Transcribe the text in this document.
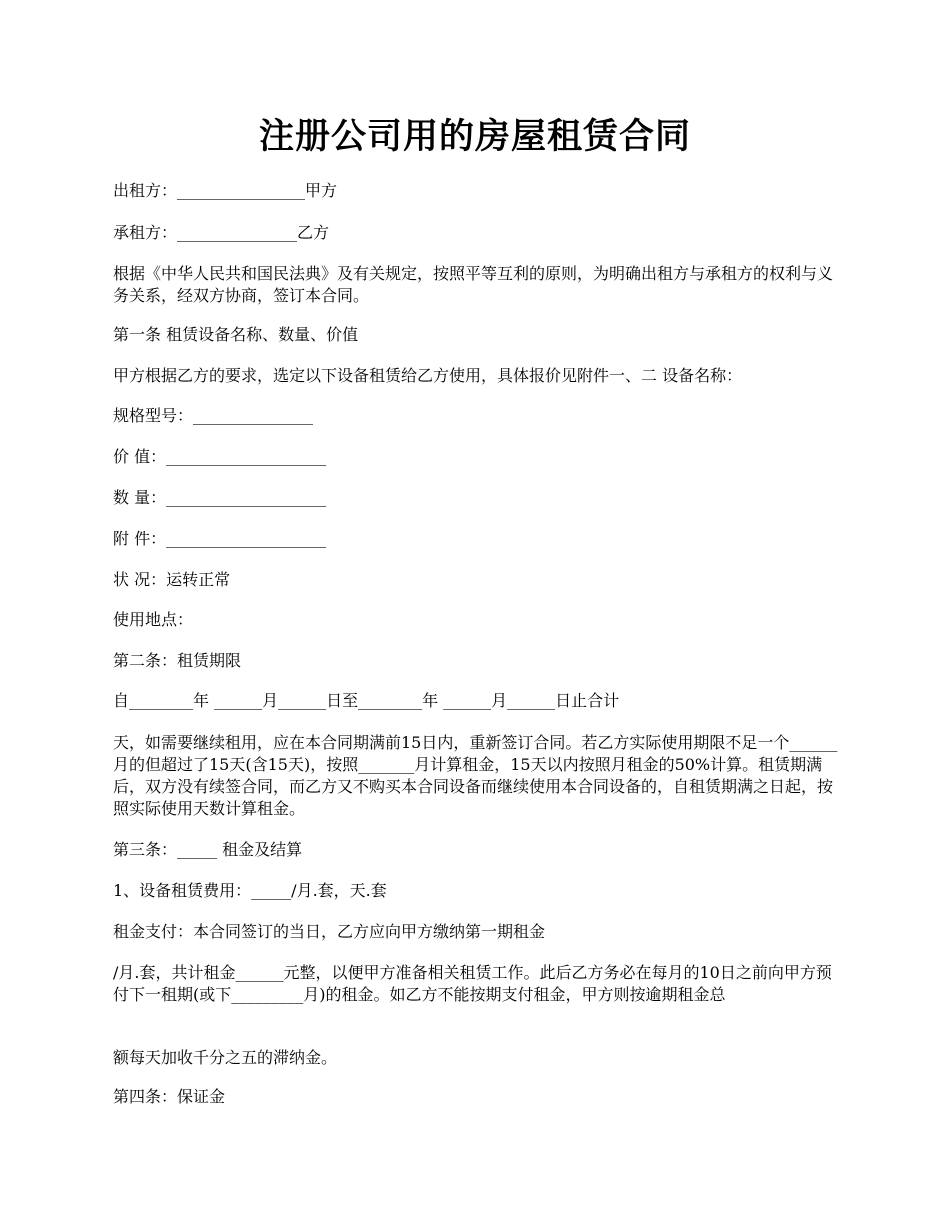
注册公司用的房屋租赁合同
出租方：________________甲方
承租方：_______________乙方
根据《中华人民共和国民法典》及有关规定，按照平等互利的原则，为明确出租方与承租方的权利与义务关系，经双方协商，签订本合同。
第一条 租赁设备名称、数量、价值
甲方根据乙方的要求，选定以下设备租赁给乙方使用，具体报价见附件一、二 设备名称：
规格型号：_______________
价 值：____________________
数 量：____________________
附 件：____________________
状 况：运转正常
使用地点：
第二条：租赁期限
自________年 ______月______日至________年 ______月______日止合计
天，如需要继续租用，应在本合同期满前15日内，重新签订合同。若乙方实际使用期限不足一个______月的但超过了15天(含15天)，按照_______月计算租金，15天以内按照月租金的50%计算。租赁期满后，双方没有续签合同，而乙方又不购买本合同设备而继续使用本合同设备的，自租赁期满之日起，按照实际使用天数计算租金。
第三条：_____ 租金及结算
1、设备租赁费用：_____/月.套，天.套
租金支付：本合同签订的当日，乙方应向甲方缴纳第一期租金
/月.套，共计租金______元整，以便甲方准备相关租赁工作。此后乙方务必在每月的10日之前向甲方预付下一租期(或下_________月)的租金。如乙方不能按期支付租金，甲方则按逾期租金总
额每天加收千分之五的滞纳金。
第四条：保证金
